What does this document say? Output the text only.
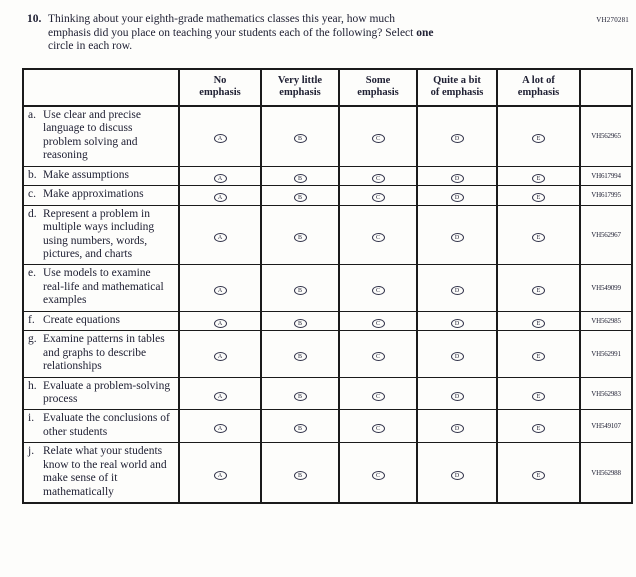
VH270281
10. Thinking about your eighth-grade mathematics classes this year, how much
emphasis did you place on teaching your students each of the following? Select one
circle in each row.

	No
emphasis	Very little
emphasis	Some
emphasis	Quite a bit
of emphasis	A lot of
emphasis	

a. Use clear and precise language to discuss problem solving and reasoning	A	B	C	D	E	VH562965
b. Make assumptions	A	B	C	D	E	VH617994
c. Make approximations	A	B	C	D	E	VH617995
d. Represent a problem in multiple ways including using numbers, words, pictures, and charts	A	B	C	D	E	VH562967
e. Use models to examine real-life and mathematical examples	A	B	C	D	E	VH549099
f. Create equations	A	B	C	D	E	VH562985
g. Examine patterns in tables and graphs to describe relationships	A	B	C	D	E	VH562991
h. Evaluate a problem-solving process	A	B	C	D	E	VH562983
i. Evaluate the conclusions of other students	A	B	C	D	E	VH549107
j. Relate what your students know to the real world and make sense of it mathematically	A	B	C	D	E	VH562988
